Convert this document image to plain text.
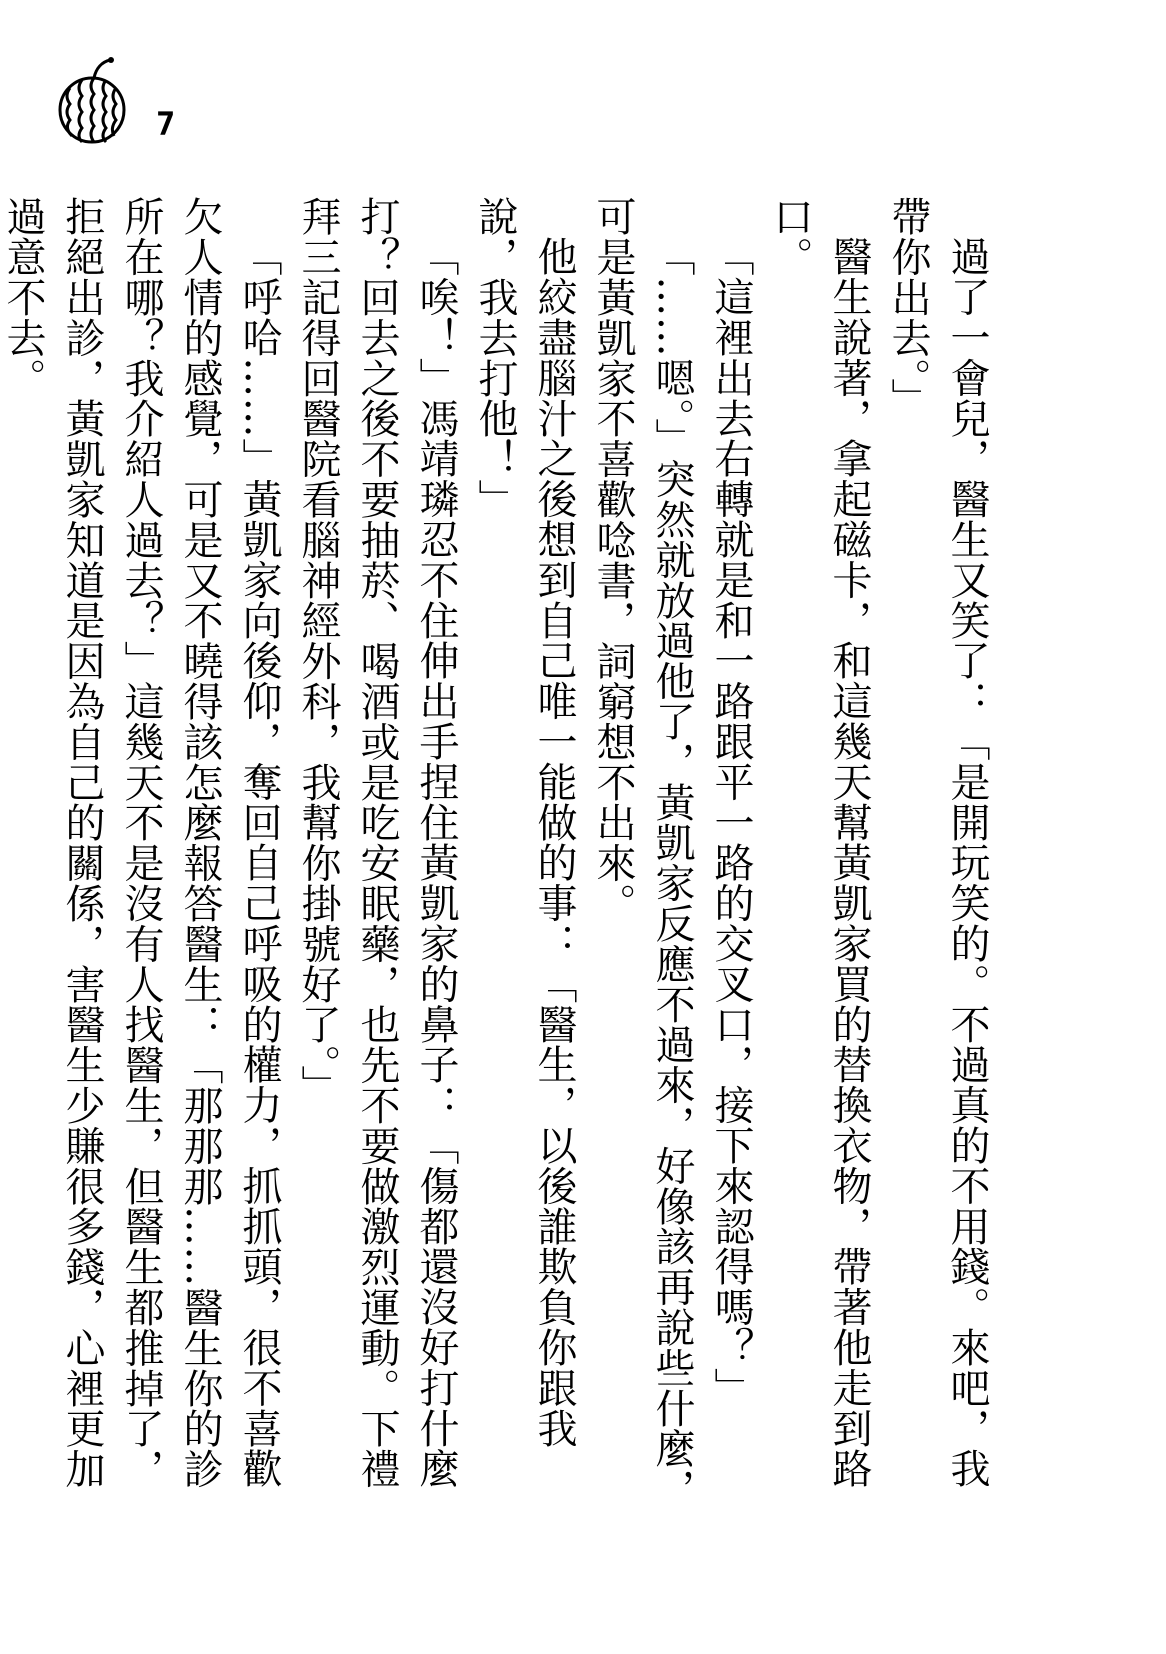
7

過了一會兒，醫生又笑了：「是開玩笑的。不過真的不用錢。來吧，我帶你出去。」

醫生說著，拿起磁卡，和這幾天幫黃凱家買的替換衣物，帶著他走到路口。

「這裡出去右轉就是和一路跟平一路的交叉口，接下來認得嗎？」

「……嗯。」突然就放過他了，黃凱家反應不過來，好像該再說些什麼，可是黃凱家不喜歡唸書，詞窮想不出來。

他絞盡腦汁之後想到自己唯一能做的事：「醫生，以後誰欺負你跟我說，我去打他！」

「唉！」馮靖璘忍不住伸出手捏住黃凱家的鼻子：「傷都還沒好打什麼打？回去之後不要抽菸、喝酒或是吃安眠藥，也先不要做激烈運動。下禮拜三記得回醫院看腦神經外科，我幫你掛號好了。」

「呼哈……」黃凱家向後仰，奪回自己呼吸的權力，抓抓頭，很不喜歡欠人情的感覺，可是又不曉得該怎麼報答醫生：「那那那……醫生你的診所在哪？我介紹人過去？」這幾天不是沒有人找醫生，但醫生都推掉了，拒絕出診，黃凱家知道是因為自己的關係，害醫生少賺很多錢，心裡更加過意不去。
